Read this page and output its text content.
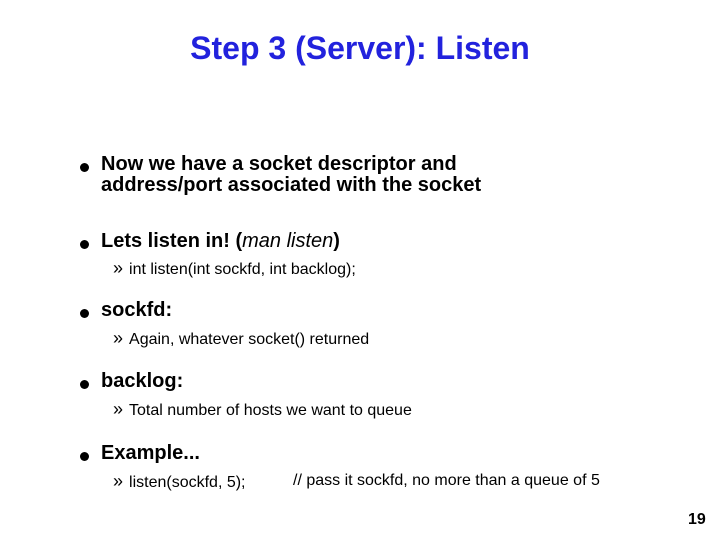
Step 3 (Server): Listen
Now we have a socket descriptor and
address/port associated with the socket
Lets listen in! (man listen)
» int listen(int sockfd, int backlog);
sockfd:
» Again, whatever socket() returned
backlog:
» Total number of hosts we want to queue
Example...
» listen(sockfd, 5);	// pass it sockfd, no more than a queue of 5
19
